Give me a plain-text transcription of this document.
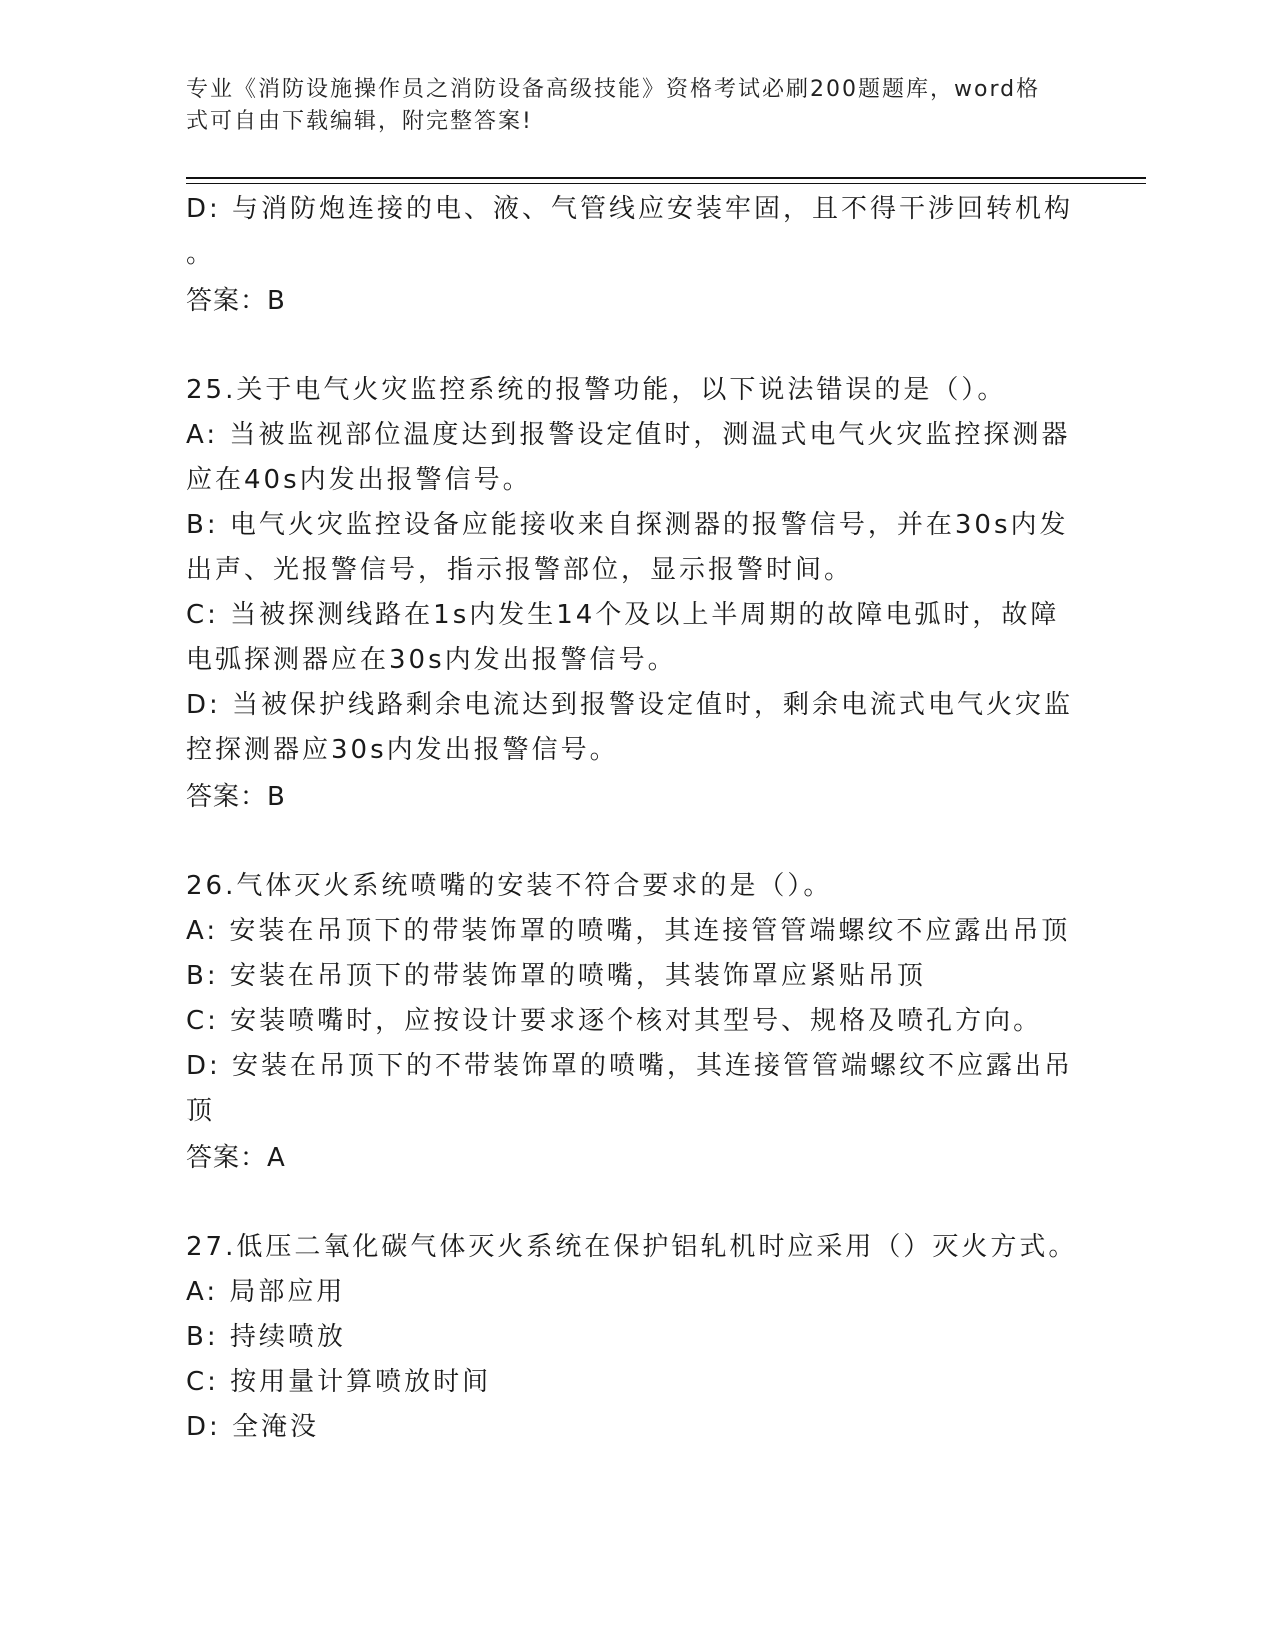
专业《消防设施操作员之消防设备高级技能》资格考试必刷200题题库，word格
式可自由下载编辑，附完整答案!
D: 与消防炮连接的电、液、气管线应安装牢固，且不得干涉回转机构
。
答案：B
25.关于电气火灾监控系统的报警功能，以下说法错误的是（）。
A: 当被监视部位温度达到报警设定值时，测温式电气火灾监控探测器
应在40s内发出报警信号。
B: 电气火灾监控设备应能接收来自探测器的报警信号，并在30s内发
出声、光报警信号，指示报警部位，显示报警时间。
C: 当被探测线路在1s内发生14个及以上半周期的故障电弧时，故障
电弧探测器应在30s内发出报警信号。
D: 当被保护线路剩余电流达到报警设定值时，剩余电流式电气火灾监
控探测器应30s内发出报警信号。
答案：B
26.气体灭火系统喷嘴的安装不符合要求的是（）。
A: 安装在吊顶下的带装饰罩的喷嘴，其连接管管端螺纹不应露出吊顶
B: 安装在吊顶下的带装饰罩的喷嘴，其装饰罩应紧贴吊顶
C: 安装喷嘴时，应按设计要求逐个核对其型号、规格及喷孔方向。
D: 安装在吊顶下的不带装饰罩的喷嘴，其连接管管端螺纹不应露出吊
顶
答案：A
27.低压二氧化碳气体灭火系统在保护铝轧机时应采用（）灭火方式。
A: 局部应用
B: 持续喷放
C: 按用量计算喷放时间
D: 全淹没
